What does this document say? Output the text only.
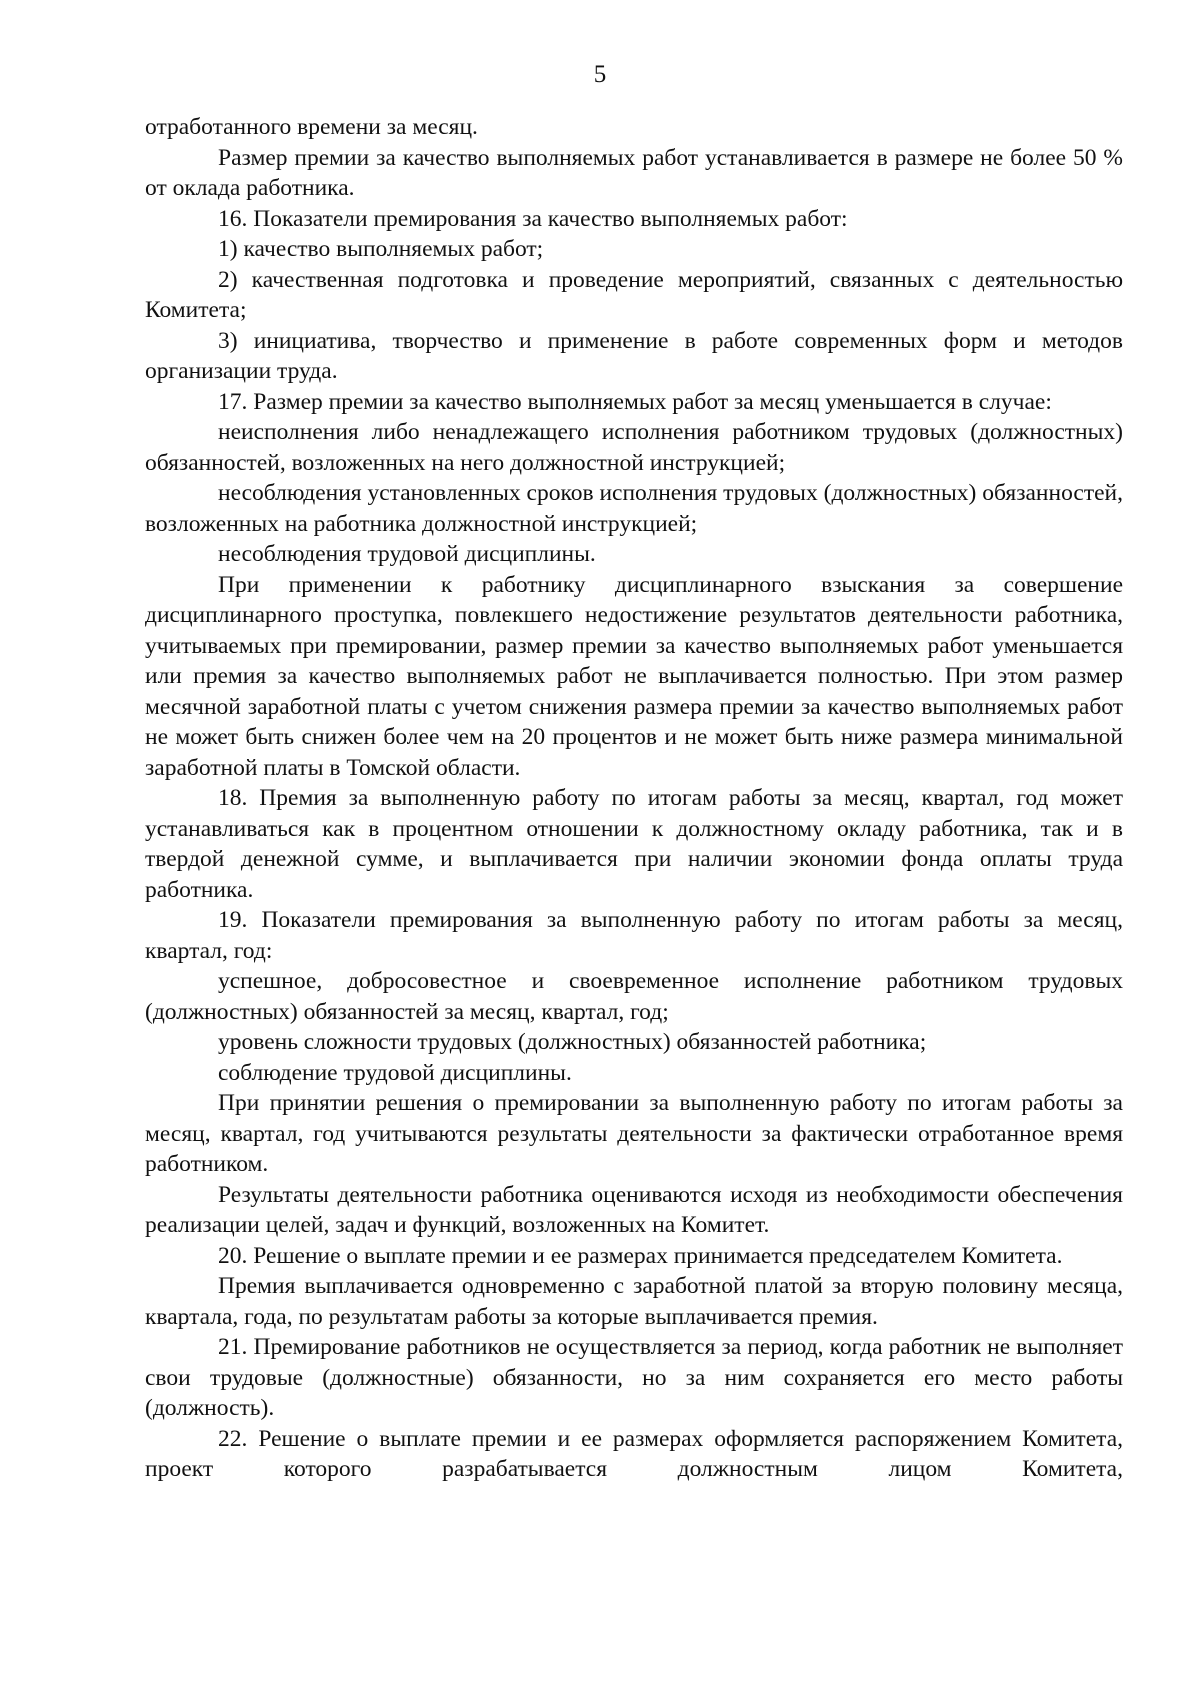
5

отработанного времени за месяц.

Размер премии за качество выполняемых работ устанавливается в размере не более 50 % от оклада работника.

16. Показатели премирования за качество выполняемых работ:

1) качество выполняемых работ;

2) качественная подготовка и проведение мероприятий, связанных с деятельностью Комитета;

3) инициатива, творчество и применение в работе современных форм и методов организации труда.

17. Размер премии за качество выполняемых работ за месяц уменьшается в случае:

неисполнения либо ненадлежащего исполнения работником трудовых (должностных) обязанностей, возложенных на него должностной инструкцией;

несоблюдения установленных сроков исполнения трудовых (должностных) обязанностей, возложенных на работника должностной инструкцией;

несоблюдения трудовой дисциплины.

При применении к работнику дисциплинарного взыскания за совершение дисциплинарного проступка, повлекшего недостижение результатов деятельности работника, учитываемых при премировании, размер премии за качество выполняемых работ уменьшается или премия за качество выполняемых работ не выплачивается полностью. При этом размер месячной заработной платы с учетом снижения размера премии за качество выполняемых работ не может быть снижен более чем на 20 процентов и не может быть ниже размера минимальной заработной платы в Томской области.

18. Премия за выполненную работу по итогам работы за месяц, квартал, год может устанавливаться как в процентном отношении к должностному окладу работника, так и в твердой денежной сумме, и выплачивается при наличии экономии фонда оплаты труда работника.

19. Показатели премирования за выполненную работу по итогам работы за месяц, квартал, год:

успешное, добросовестное и своевременное исполнение работником трудовых (должностных) обязанностей за месяц, квартал, год;

уровень сложности трудовых (должностных) обязанностей работника;

соблюдение трудовой дисциплины.

При принятии решения о премировании за выполненную работу по итогам работы за месяц, квартал, год учитываются результаты деятельности за фактически отработанное время работником.

Результаты деятельности работника оцениваются исходя из необходимости обеспечения реализации целей, задач и функций, возложенных на Комитет.

20. Решение о выплате премии и ее размерах принимается председателем Комитета.

Премия выплачивается одновременно с заработной платой за вторую половину месяца, квартала, года, по результатам работы за которые выплачивается премия.

21. Премирование работников не осуществляется за период, когда работник не выполняет свои трудовые (должностные) обязанности, но за ним сохраняется его место работы (должность).

22. Решение о выплате премии и ее размерах оформляется распоряжением Комитета, проект которого разрабатывается должностным лицом Комитета,
